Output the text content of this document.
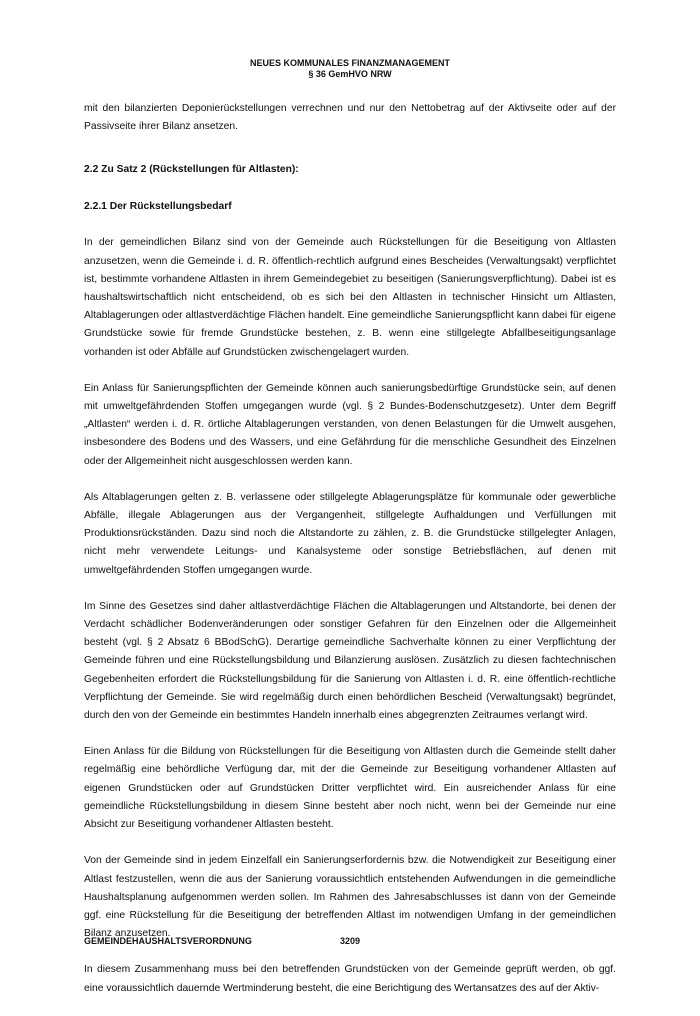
NEUES KOMMUNALES FINANZMANAGEMENT
§ 36 GemHVO NRW

mit den bilanzierten Deponierückstellungen verrechnen und nur den Nettobetrag auf der Aktivseite oder auf der Passivseite ihrer Bilanz ansetzen.

2.2 Zu Satz 2 (Rückstellungen für Altlasten):
2.2.1 Der Rückstellungsbedarf

In der gemeindlichen Bilanz sind von der Gemeinde auch Rückstellungen für die Beseitigung von Altlasten anzusetzen, wenn die Gemeinde i. d. R. öffentlich-rechtlich aufgrund eines Bescheides (Verwaltungsakt) verpflichtet ist, bestimmte vorhandene Altlasten in ihrem Gemeindegebiet zu beseitigen (Sanierungsverpflichtung). Dabei ist es haushaltswirtschaftlich nicht entscheidend, ob es sich bei den Altlasten in technischer Hinsicht um Altlasten, Altablagerungen oder altlastverdächtige Flächen handelt. Eine gemeindliche Sanierungspflicht kann dabei für eigene Grundstücke sowie für fremde Grundstücke bestehen, z. B. wenn eine stillgelegte Abfallbeseitigungsanlage vorhanden ist oder Abfälle auf Grundstücken zwischengelagert wurden.

Ein Anlass für Sanierungspflichten der Gemeinde können auch sanierungsbedürftige Grundstücke sein, auf denen mit umweltgefährdenden Stoffen umgegangen wurde (vgl. § 2 Bundes-Bodenschutzgesetz). Unter dem Begriff „Altlasten“ werden i. d. R. örtliche Altablagerungen verstanden, von denen Belastungen für die Umwelt ausgehen, insbesondere des Bodens und des Wassers, und eine Gefährdung für die menschliche Gesundheit des Einzelnen oder der Allgemeinheit nicht ausgeschlossen werden kann.

Als Altablagerungen gelten z. B. verlassene oder stillgelegte Ablagerungsplätze für kommunale oder gewerbliche Abfälle, illegale Ablagerungen aus der Vergangenheit, stillgelegte Aufhaldungen und Verfüllungen mit Produktionsrückständen. Dazu sind noch die Altstandorte zu zählen, z. B. die Grundstücke stillgelegter Anlagen, nicht mehr verwendete Leitungs- und Kanalsysteme oder sonstige Betriebsflächen, auf denen mit umweltgefährdenden Stoffen umgegangen wurde.

Im Sinne des Gesetzes sind daher altlastverdächtige Flächen die Altablagerungen und Altstandorte, bei denen der Verdacht schädlicher Bodenveränderungen oder sonstiger Gefahren für den Einzelnen oder die Allgemeinheit besteht (vgl. § 2 Absatz 6 BBodSchG). Derartige gemeindliche Sachverhalte können zu einer Verpflichtung der Gemeinde führen und eine Rückstellungsbildung und Bilanzierung auslösen. Zusätzlich zu diesen fachtechnischen Gegebenheiten erfordert die Rückstellungsbildung für die Sanierung von Altlasten i. d. R. eine öffentlich-rechtliche Verpflichtung der Gemeinde. Sie wird regelmäßig durch einen behördlichen Bescheid (Verwaltungsakt) begründet, durch den von der Gemeinde ein bestimmtes Handeln innerhalb eines abgegrenzten Zeitraumes verlangt wird.

Einen Anlass für die Bildung von Rückstellungen für die Beseitigung von Altlasten durch die Gemeinde stellt daher regelmäßig eine behördliche Verfügung dar, mit der die Gemeinde zur Beseitigung vorhandener Altlasten auf eigenen Grundstücken oder auf Grundstücken Dritter verpflichtet wird. Ein ausreichender Anlass für eine gemeindliche Rückstellungsbildung in diesem Sinne besteht aber noch nicht, wenn bei der Gemeinde nur eine Absicht zur Beseitigung vorhandener Altlasten besteht.

Von der Gemeinde sind in jedem Einzelfall ein Sanierungserfordernis bzw. die Notwendigkeit zur Beseitigung einer Altlast festzustellen, wenn die aus der Sanierung voraussichtlich entstehenden Aufwendungen in die gemeindliche Haushaltsplanung aufgenommen werden sollen. Im Rahmen des Jahresabschlusses ist dann von der Gemeinde ggf. eine Rückstellung für die Beseitigung der betreffenden Altlast im notwendigen Umfang in der gemeindlichen Bilanz anzusetzen.

In diesem Zusammenhang muss bei den betreffenden Grundstücken von der Gemeinde geprüft werden, ob ggf. eine voraussichtlich dauernde Wertminderung besteht, die eine Berichtigung des Wertansatzes des auf der Aktiv-

GEMEINDEHAUSHALTSVERORDNUNG	3209
